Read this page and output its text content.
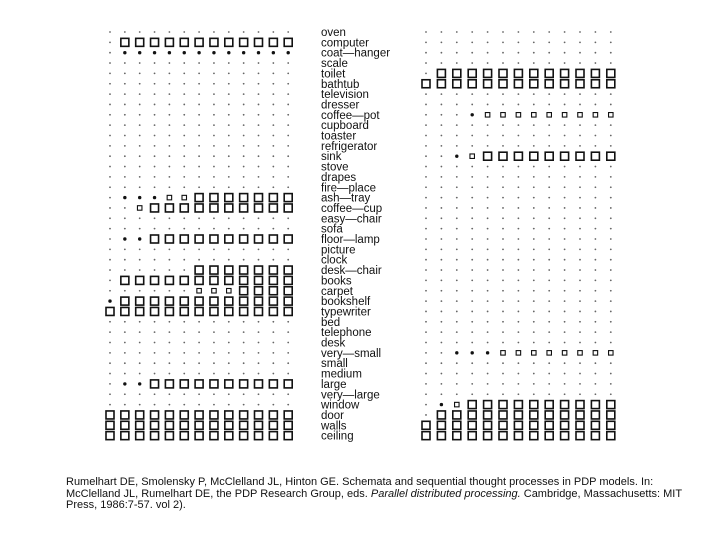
oven
computer
coat—hanger
scale
toilet
bathtub
television
dresser
coffee—pot
cupboard
toaster
refrigerator
sink
stove
drapes
fire—place
ash—tray
coffee—cup
easy—chair
sofa
floor—lamp
picture
clock
desk—chair
books
carpet
bookshelf
typewriter
bed
telephone
desk
very—small
small
medium
large
very—large
window
door
walls
ceiling
Rumelhart DE, Smolensky P, McClelland JL, Hinton GE. Schemata and sequential thought processes in PDP models. In: McClelland JL, Rumelhart DE, the PDP Research Group, eds. Parallel distributed processing. Cambridge, Massachusetts: MIT Press, 1986:7-57. vol 2).
